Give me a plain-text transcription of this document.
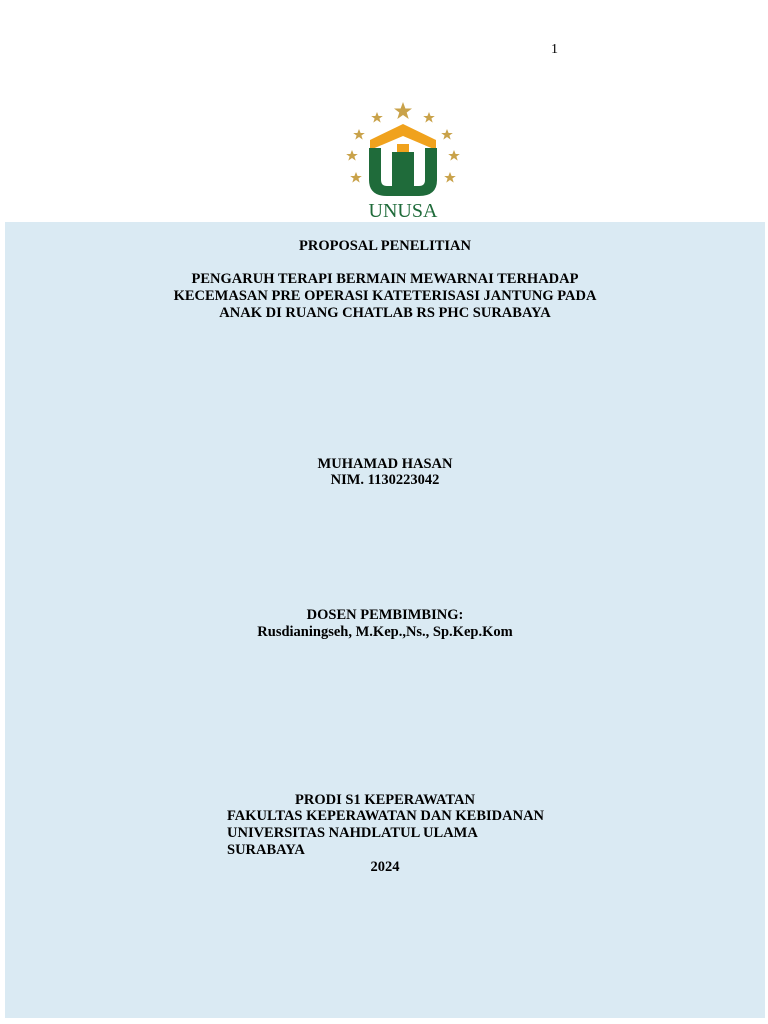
1
UNUSA
PROPOSAL PENELITIAN
PENGARUH TERAPI BERMAIN MEWARNAI TERHADAP
KECEMASAN PRE OPERASI KATETERISASI JANTUNG PADA
ANAK DI RUANG CHATLAB RS PHC SURABAYA
MUHAMAD HASAN
NIM. 1130223042
DOSEN PEMBIMBING:
Rusdianingseh, M.Kep.,Ns., Sp.Kep.Kom
PRODI S1 KEPERAWATAN
FAKULTAS KEPERAWATAN DAN KEBIDANAN
UNIVERSITAS NAHDLATUL ULAMA
SURABAYA
2024
